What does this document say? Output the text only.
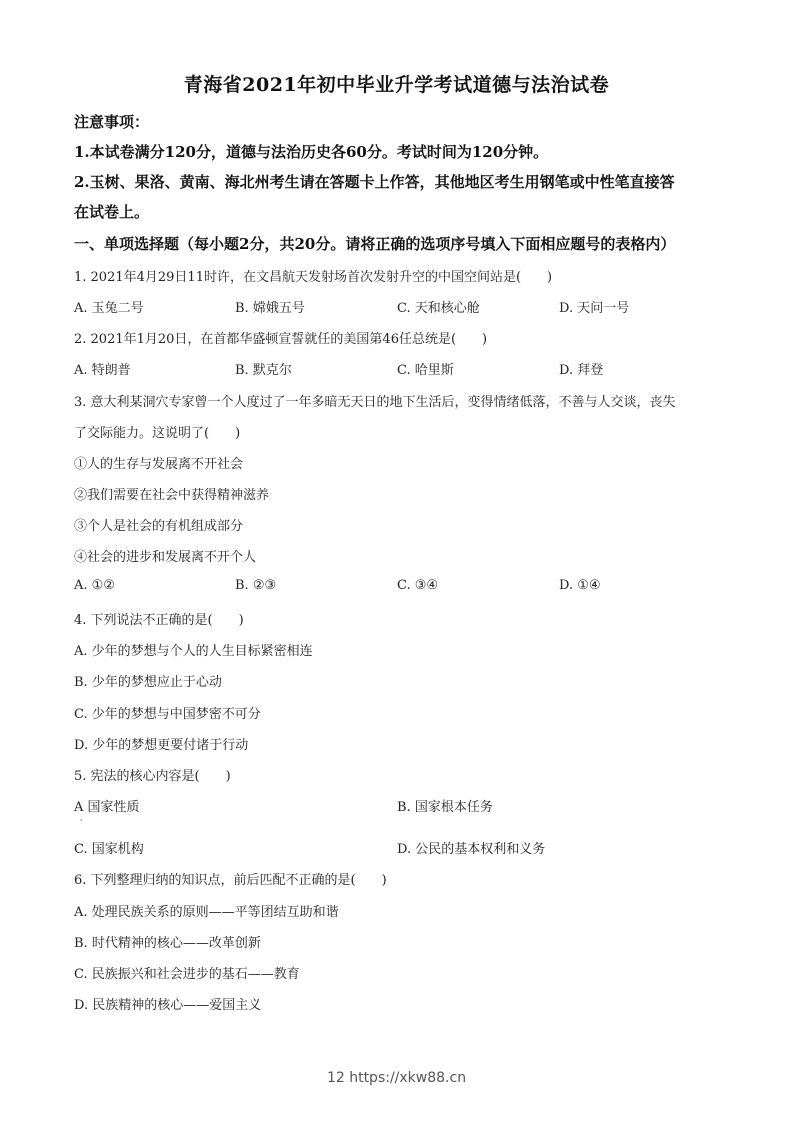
青海省2021年初中毕业升学考试道德与法治试卷
注意事项：
1.本试卷满分120分，道德与法治历史各60分。考试时间为120分钟。
2.玉树、果洛、黄南、海北州考生请在答题卡上作答，其他地区考生用钢笔或中性笔直接答
在试卷上。
一、单项选择题（每小题2分，共20分。请将正确的选项序号填入下面相应题号的表格内）
1. 2021年4月29日11时许，在文昌航天发射场首次发射升空的中国空间站是(　　)
A. 玉兔二号	B. 嫦娥五号	C. 天和核心舱	D. 天问一号
2. 2021年1月20日，在首都华盛顿宣誓就任的美国第46任总统是(　　)
A. 特朗普	B. 默克尔	C. 哈里斯	D. 拜登
3. 意大利某洞穴专家曾一个人度过了一年多暗无天日的地下生活后，变得情绪低落，不善与人交谈，丧失
了交际能力。这说明了(　　)
①人的生存与发展离不开社会
②我们需要在社会中获得精神滋养
③个人是社会的有机组成部分
④社会的进步和发展离不开个人
A. ①②	B. ②③	C. ③④	D. ①④
4. 下列说法不正确的是(　　)
A. 少年的梦想与个人的人生目标紧密相连
B. 少年的梦想应止于心动
C. 少年的梦想与中国梦密不可分
D. 少年的梦想更要付诸于行动
5. 宪法的核心内容是(　　)
A 国家性质	B. 国家根本任务
'
C. 国家机构	D. 公民的基本权利和义务
6. 下列整理归纳的知识点，前后匹配不正确的是(　　)
A. 处理民族关系的原则——平等团结互助和谐
B. 时代精神的核心——改革创新
C. 民族振兴和社会进步的基石——教育
D. 民族精神的核心——爱国主义
12 https://xkw88.cn
